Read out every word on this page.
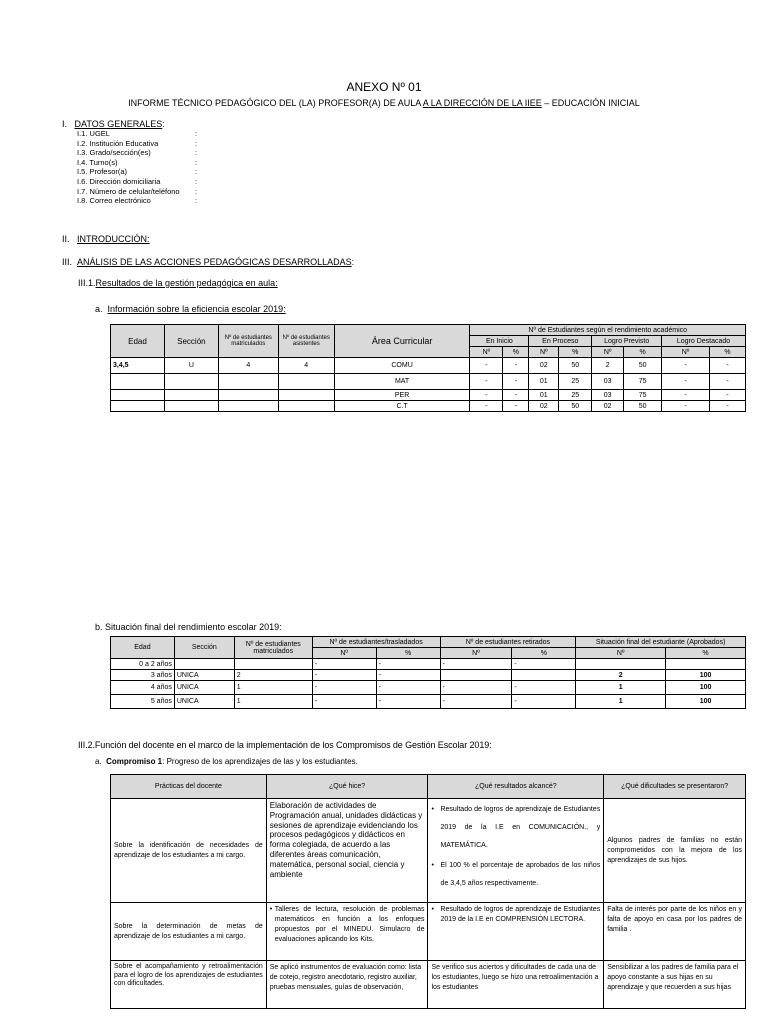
ANEXO Nº 01
INFORME TÉCNICO PEDAGÓGICO DEL (LA) PROFESOR(A) DE AULA A LA DIRECCIÓN DE LA IIEE – EDUCACIÓN INICIAL
I. DATOS GENERALES:
I.1. UGEL	:
I.2. Institución Educativa	:
I.3. Grado/sección(es)	:
I.4. Turno(s)	:
I.5. Profesor(a)	:
I.6. Dirección domiciliaria	:
I.7. Número de celular/teléfono :
I.8. Correo electrónico	:
II. INTRODUCCIÓN:
III. ANÁLISIS DE LAS ACCIONES PEDAGÓGICAS DESARROLLADAS:
III.1.Resultados de la gestión pedagógica en aula:
a. Información sobre la eficiencia escolar 2019:
Edad	Sección	Nº de estudiantes matriculados	Nº de estudiantes asistentes	Área Curricular	Nº de Estudiantes según el rendimiento académico							
					En Inicio		En Proceso		Logro Previsto		Logro Destacado	
					Nº	%	Nº	%	Nº	%	Nº	%
3,4,5	U	4	4	COMU	-	-	02	50	2	50	-	-
				MAT	-	-	01	25	03	75	-	-
				PER	-	-	01	25	03	75	-	-
				C.T	-	-	02	50	02	50	-	-
b. Situación final del rendimiento escolar 2019:
Edad	Sección	Nº de estudiantes matriculados	Nº de estudiantes/trasladados		Nº de estudiantes retirados		Situación final del estudiante (Aprobados)	
			Nº	%	Nº	%	Nº	%
0 a 2 años			-	-	-	-		
3 años	UNICA	2	-	-			2	100
4 años	UNICA	1	-	-	-	-	1	100
5 años	UNICA	1	-	-	-	-	1	100
III.2.Función del docente en el marco de la implementación de los Compromisos de Gestión Escolar 2019:
a. Compromiso 1: Progreso de los aprendizajes de las y los estudiantes.
Prácticas del docente	¿Qué hice?	¿Qué resultados alcancé?	¿Qué dificultades se presentaron?
Sobre la identificación de necesidades de aprendizaje de los estudiantes a mi cargo.	Elaboración de actividades de Programación anual, unidades didácticas y sesiones de aprendizaje evidenciando los procesos pedagógicos y didácticos en forma colegiada, de acuerdo a las diferentes áreas comunicación, matemática, personal social, ciencia y ambiente	• Resultado de logros de aprendizaje de Estudiantes 2019 de la I.E en COMUNICACIÓN., y MATEMÁTICA.

• El 100 % el porcentaje de aprobados de los niños de 3,4,5 años respectivamente.	Algunos padres de familias no están comprometidos con la mejora de los aprendizajes de sus hijos.
Sobre la determinación de metas de aprendizaje de los estudiantes a mi cargo.	• Talleres de lectura, resolución de problemas matemáticos en función a los enfoques propuestos por el MINEDU. Simulacro de evaluaciones aplicando los Kits.	• Resultado de logros de aprendizaje de Estudiantes 2019 de la I.E en COMPRENSIÓN LECTORA.	Falta de interés por parte de los niños en y falta de apoyo en casa por los padres de familia .
Sobre el acompañamiento y retroalimentación para el logro de los aprendizajes de estudiantes con dificultades.	Se aplicó instrumentos de evaluación como: lista de cotejo, registro anecdotario, registro auxiliar, pruebas mensuales, guías de observación,	Se verifico sus aciertos y dificultades de cada una de los estudiantes, luego se hizo una retroalimentación a los estudiantes	Sensibilizar a los padres de familia para el apoyo constante a sus hijas en su aprendizaje y que recuerden a sus hijas
